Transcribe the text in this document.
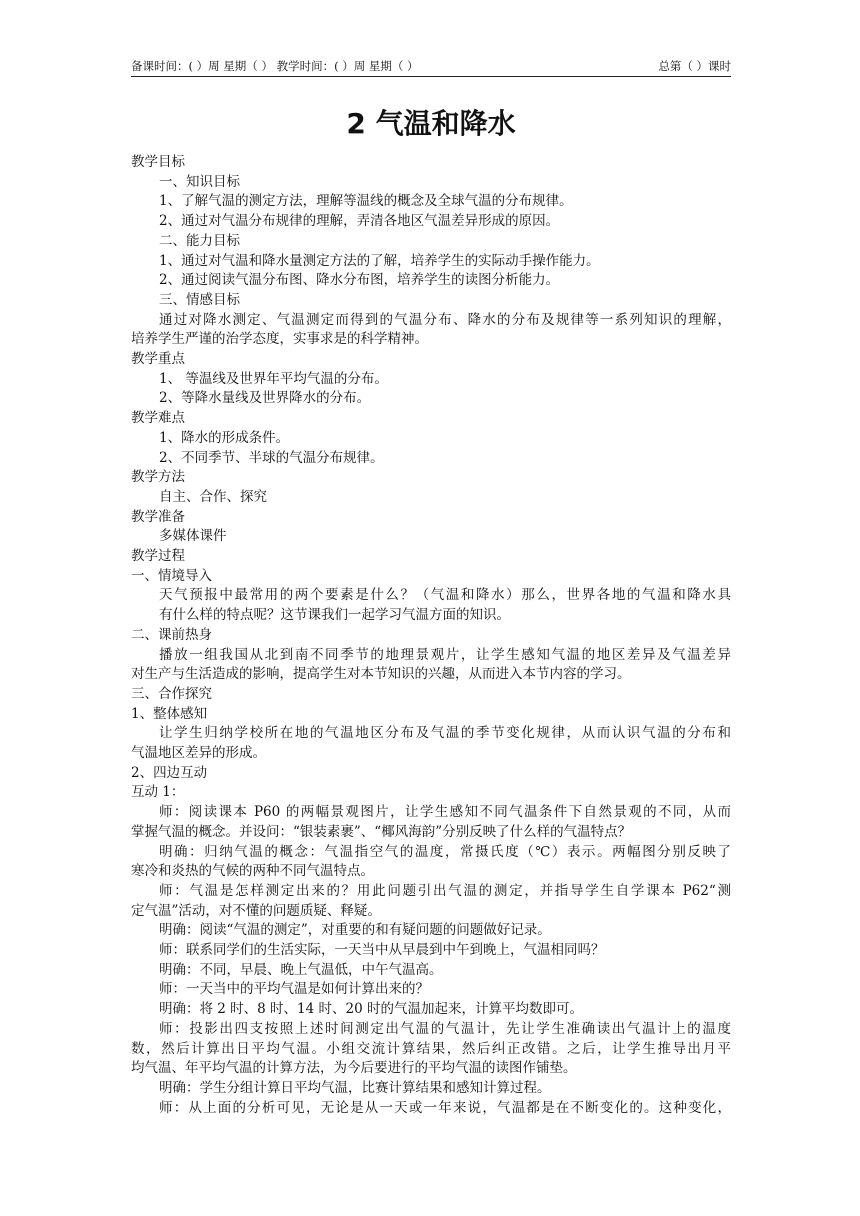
备课时间：( ）周 星期（ ） 教学时间：( ）周 星期（ ）	总第（ ）课时
2 气温和降水
教学目标
一、知识目标
1、了解气温的测定方法，理解等温线的概念及全球气温的分布规律。
2、通过对气温分布规律的理解，弄清各地区气温差异形成的原因。
二、能力目标
1、通过对气温和降水量测定方法的了解，培养学生的实际动手操作能力。
2、通过阅读气温分布图、降水分布图，培养学生的读图分析能力。
三、情感目标
通过对降水测定、气温测定而得到的气温分布、降水的分布及规律等一系列知识的理解，
培养学生严谨的治学态度，实事求是的科学精神。
教学重点
1、 等温线及世界年平均气温的分布。
2、等降水量线及世界降水的分布。
教学难点
1、降水的形成条件。
2、不同季节、半球的气温分布规律。
教学方法
自主、合作、探究
教学准备
多媒体课件
教学过程
一、情境导入
天气预报中最常用的两个要素是什么？（气温和降水）那么，世界各地的气温和降水具
有什么样的特点呢？这节课我们一起学习气温方面的知识。
二、课前热身
播放一组我国从北到南不同季节的地理景观片，让学生感知气温的地区差异及气温差异
对生产与生活造成的影响，提高学生对本节知识的兴趣，从而进入本节内容的学习。
三、合作探究
1、整体感知
让学生归纳学校所在地的气温地区分布及气温的季节变化规律，从而认识气温的分布和
气温地区差异的形成。
2、四边互动
互动 1：
师：阅读课本 P60 的两幅景观图片，让学生感知不同气温条件下自然景观的不同，从而
掌握气温的概念。并设问：“银装素裹”、“椰风海韵”分别反映了什么样的气温特点？
明确：归纳气温的概念：气温指空气的温度，常摄氏度（℃）表示。两幅图分别反映了
寒冷和炎热的气候的两种不同气温特点。
师：气温是怎样测定出来的？用此问题引出气温的测定，并指导学生自学课本 P62“测
定气温”活动，对不懂的问题质疑、释疑。
明确：阅读“气温的测定”，对重要的和有疑问题的问题做好记录。
师：联系同学们的生活实际，一天当中从早晨到中午到晚上，气温相同吗？
明确：不同，早晨、晚上气温低，中午气温高。
师：一天当中的平均气温是如何计算出来的？
明确：将 2 时、8 时、14 时、20 时的气温加起来，计算平均数即可。
师：投影出四支按照上述时间测定出气温的气温计，先让学生准确读出气温计上的温度
数，然后计算出日平均气温。小组交流计算结果，然后纠正改错。之后，让学生推导出月平
均气温、年平均气温的计算方法，为今后要进行的平均气温的读图作铺垫。
明确：学生分组计算日平均气温，比赛计算结果和感知计算过程。
师：从上面的分析可见，无论是从一天或一年来说，气温都是在不断变化的。这种变化，
